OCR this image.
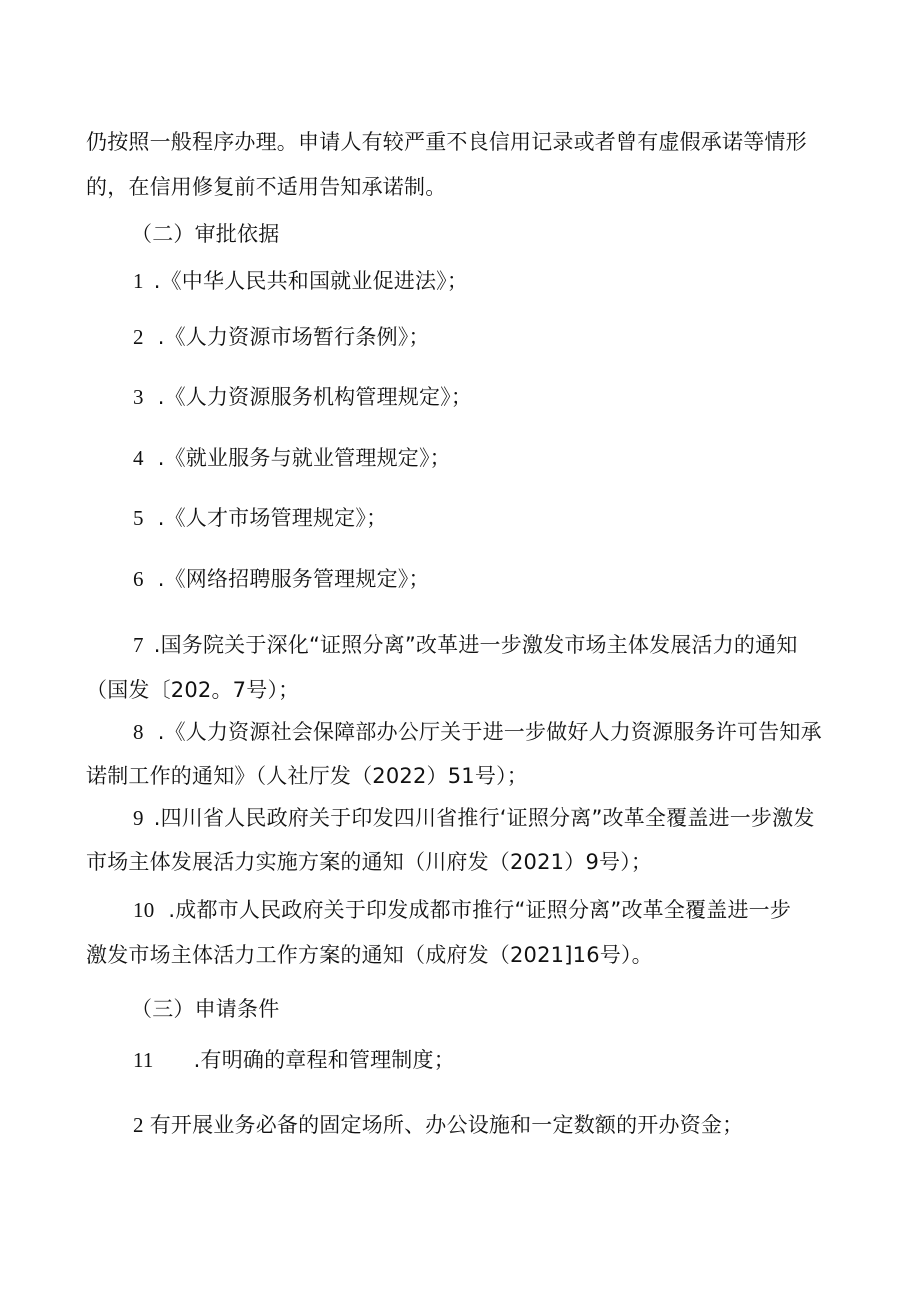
仍按照一般程序办理。申请人有较严重不良信用记录或者曾有虚假承诺等情形
的，在信用修复前不适用告知承诺制。
（二）审批依据
1 .《中华人民共和国就业促进法》；
2 .《人力资源市场暂行条例》；
3 .《人力资源服务机构管理规定》；
4 .《就业服务与就业管理规定》；
5 .《人才市场管理规定》；
6 .《网络招聘服务管理规定》；
7 .国务院关于深化“证照分离”改革进一步激发市场主体发展活力的通知
（国发〔202。7号）；
8 .《人力资源社会保障部办公厅关于进一步做好人力资源服务许可告知承
诺制工作的通知》（人社厅发（2022）51号）；
9 .四川省人民政府关于印发四川省推行‘证照分离”改革全覆盖进一步激发
市场主体发展活力实施方案的通知（川府发（2021）9号）；
10 .成都市人民政府关于印发成都市推行“证照分离”改革全覆盖进一步
激发市场主体活力工作方案的通知（成府发（2021]16号）。
（三）申请条件
11 .有明确的章程和管理制度；
2 有开展业务必备的固定场所、办公设施和一定数额的开办资金；
